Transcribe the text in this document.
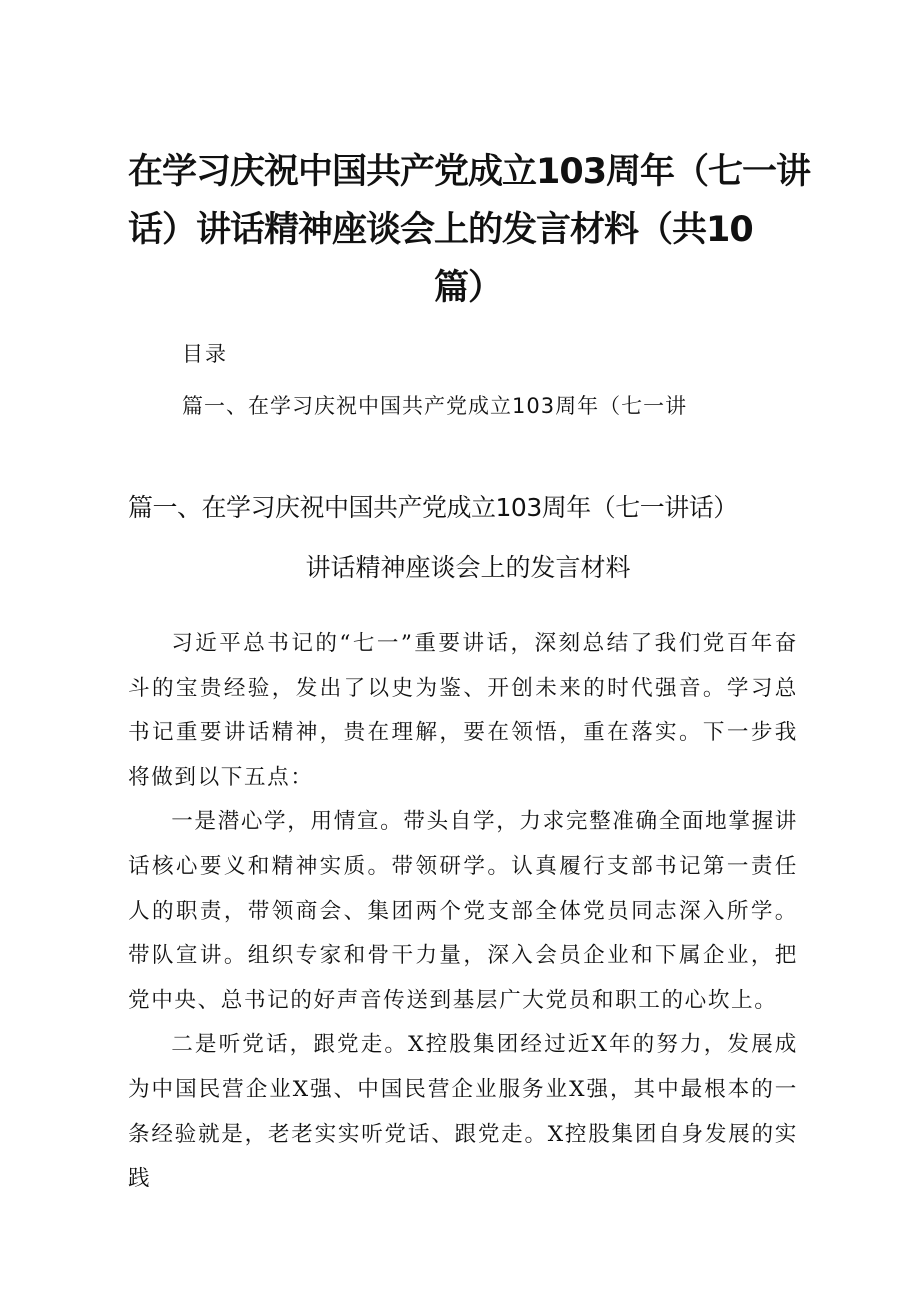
在学习庆祝中国共产党成立103周年（七一讲
话）讲话精神座谈会上的发言材料（共10
篇）
目录
篇一、在学习庆祝中国共产党成立103周年（七一讲
篇一、在学习庆祝中国共产党成立103周年（七一讲话）
讲话精神座谈会上的发言材料

习近平总书记的“七一”重要讲话，深刻总结了我们党百年奋斗的宝贵经验，发出了以史为鉴、开创未来的时代强音。学习总书记重要讲话精神，贵在理解，要在领悟，重在落实。下一步我将做到以下五点：

一是潜心学，用情宣。带头自学，力求完整准确全面地掌握讲话核心要义和精神实质。带领研学。认真履行支部书记第一责任人的职责，带领商会、集团两个党支部全体党员同志深入所学。带队宣讲。组织专家和骨干力量，深入会员企业和下属企业，把党中央、总书记的好声音传送到基层广大党员和职工的心坎上。

二是听党话，跟党走。X控股集团经过近X年的努力，发展成为中国民营企业X强、中国民营企业服务业X强，其中最根本的一条经验就是，老老实实听党话、跟党走。X控股集团自身发展的实践
